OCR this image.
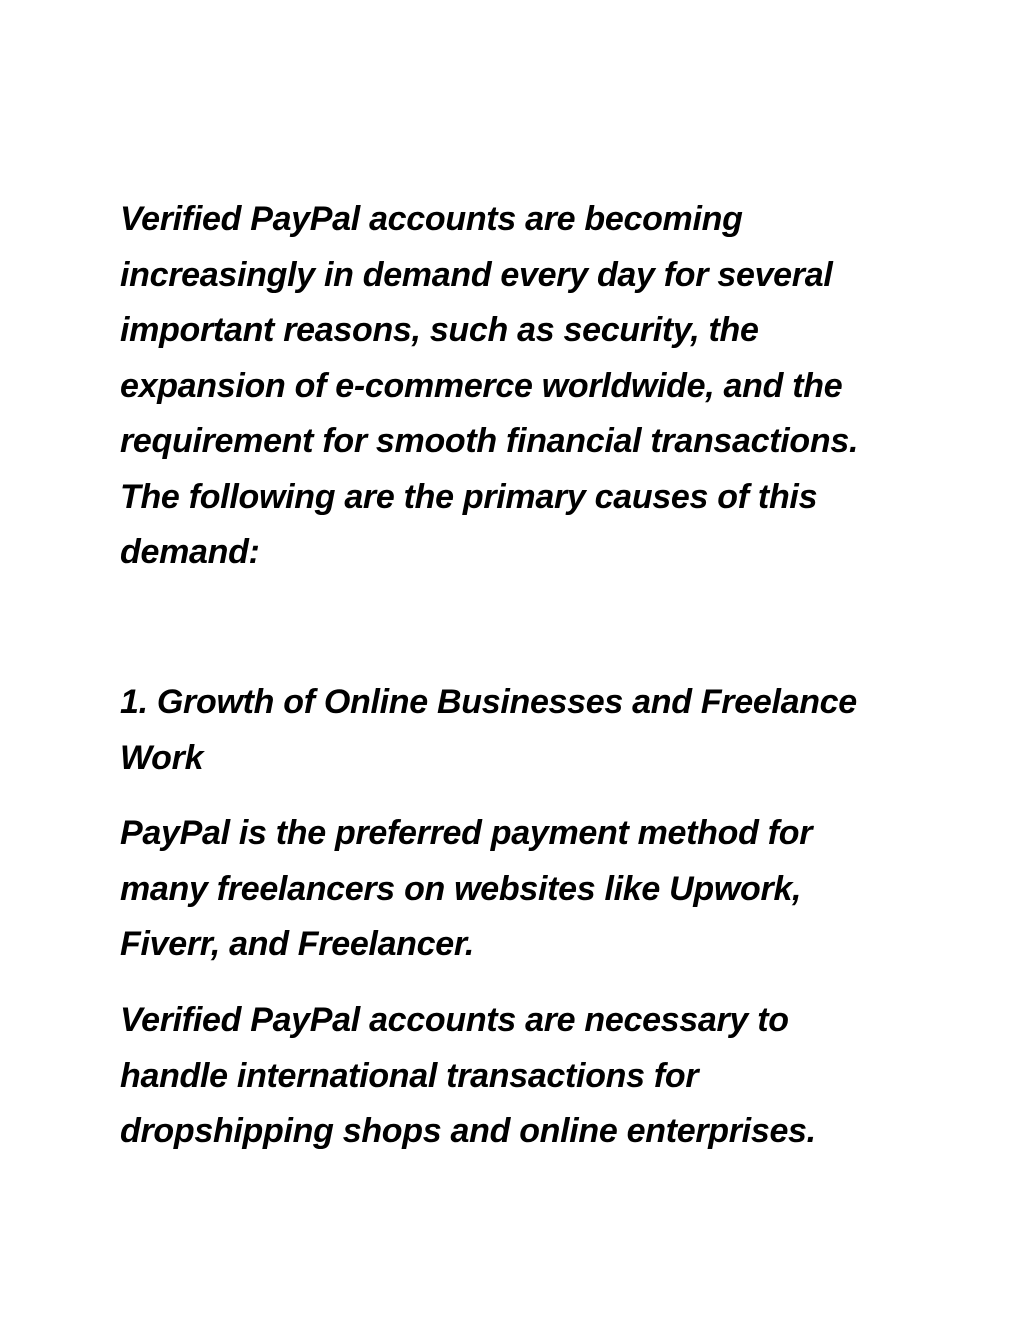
Verified PayPal accounts are becoming
increasingly in demand every day for several
important reasons, such as security, the
expansion of e-commerce worldwide, and the
requirement for smooth financial transactions.
The following are the primary causes of this
demand:

1. Growth of Online Businesses and Freelance
Work

PayPal is the preferred payment method for
many freelancers on websites like Upwork,
Fiverr, and Freelancer.

Verified PayPal accounts are necessary to
handle international transactions for
dropshipping shops and online enterprises.
